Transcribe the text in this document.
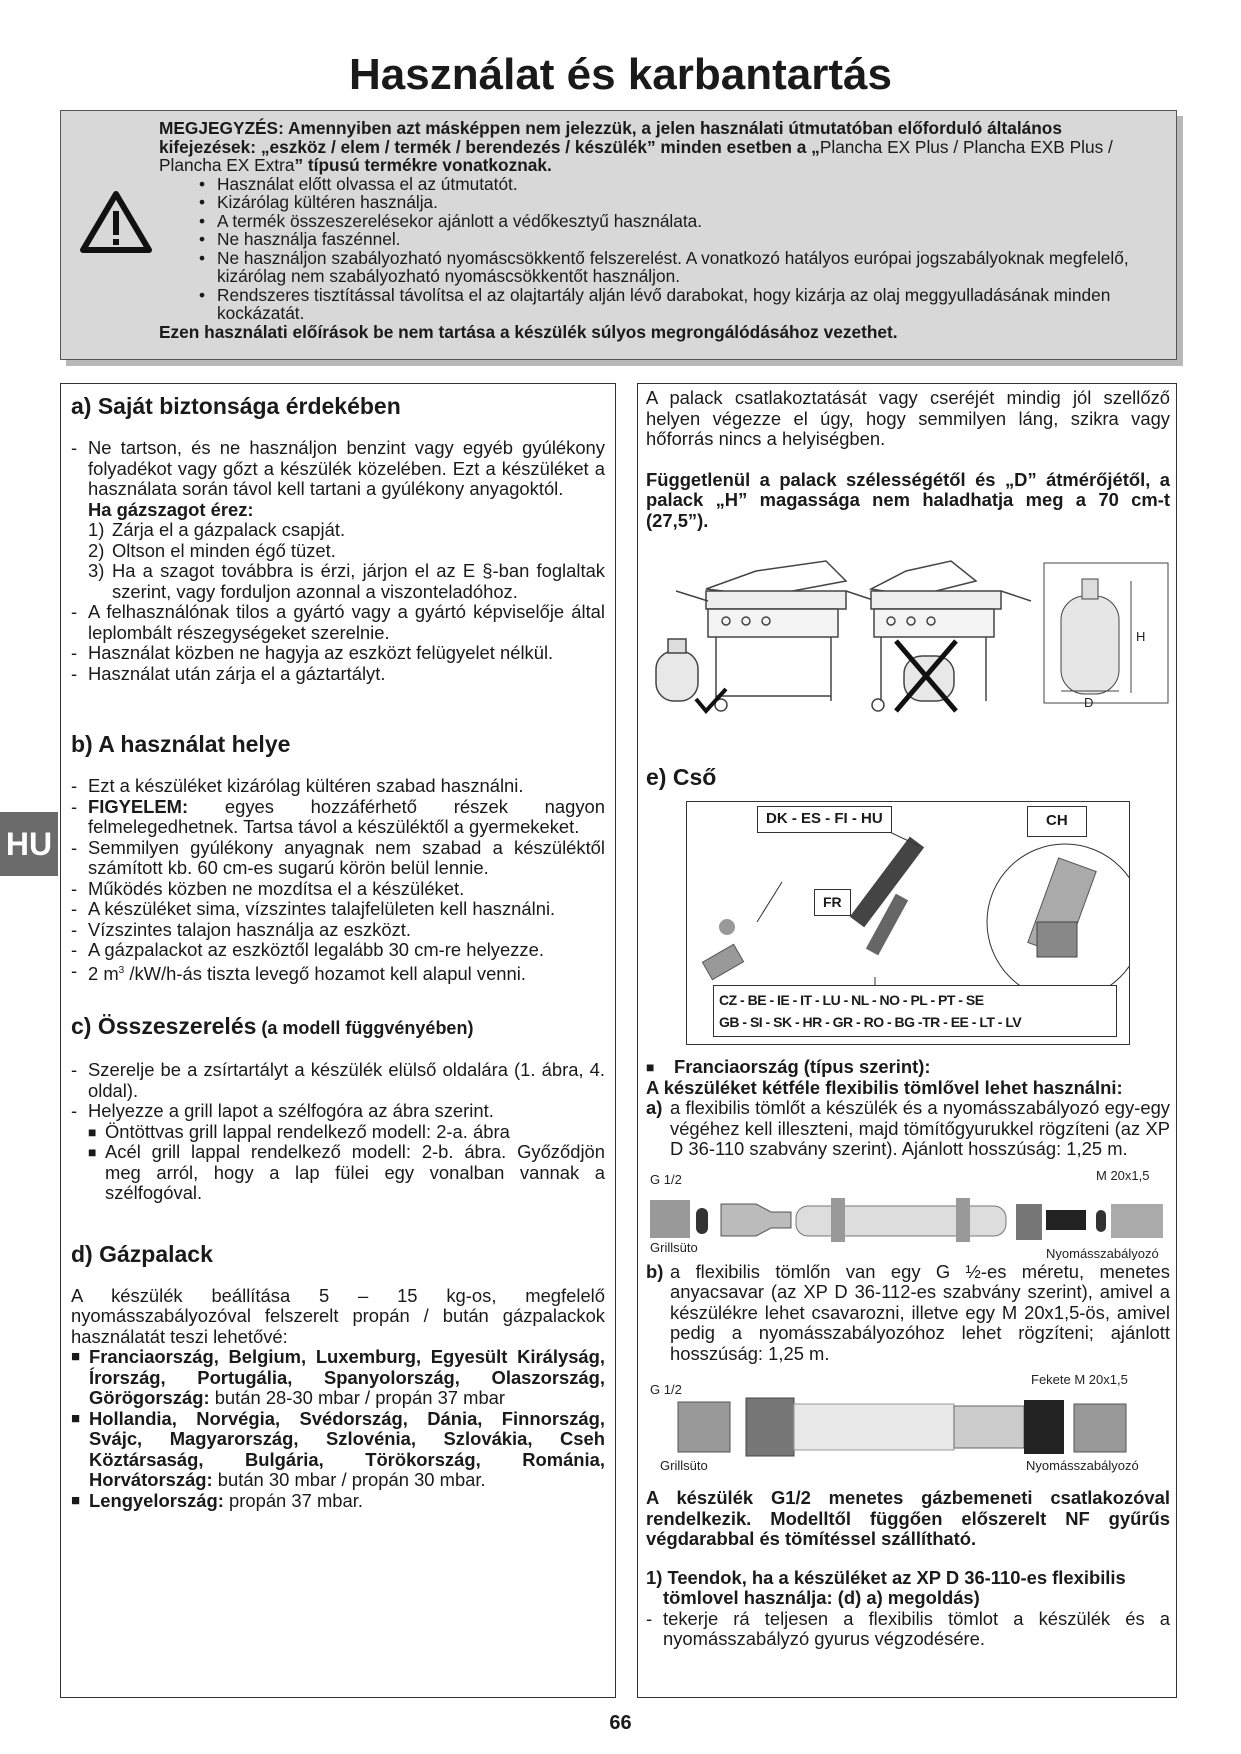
Használat és karbantartás

MEGJEGYZÉS: Amennyiben azt másképpen nem jelezzük, a jelen használati útmutatóban előforduló általános kifejezések: „eszköz / elem / termék / berendezés / készülék” minden esetben a „Plancha EX Plus / Plancha EXB Plus / Plancha EX Extra” típusú termékre vonatkoznak.

• Használat előtt olvassa el az útmutatót.
• Kizárólag kültéren használja.
• A termék összeszerelésekor ajánlott a védőkesztyű használata.
• Ne használja faszénnel.
• Ne használjon szabályozható nyomáscsökkentő felszerelést. A vonatkozó hatályos európai jogszabályoknak megfelelő, kizárólag nem szabályozható nyomáscsökkentőt használjon.
• Rendszeres tisztítással távolítsa el az olajtartály alján lévő darabokat, hogy kizárja az olaj meggyulladásának minden kockázatát.

Ezen használati előírások be nem tartása a készülék súlyos megrongálódásához vezethet.

HU
a) Saját biztonsága érdekében
- Ne tartson, és ne használjon benzint vagy egyéb gyúlékony folyadékot vagy gőzt a készülék közelében. Ezt a készüléket a használata során távol kell tartani a gyúlékony anyagoktól.
Ha gázszagot érez:
1) Zárja el a gázpalack csapját.
2) Oltson el minden égő tüzet.
3) Ha a szagot továbbra is érzi, járjon el az E §-ban foglaltak szerint, vagy forduljon azonnal a viszonteladóhoz.
- A felhasználónak tilos a gyártó vagy a gyártó képviselője által leplombált részegységeket szerelnie.
- Használat közben ne hagyja az eszközt felügyelet nélkül.
- Használat után zárja el a gáztartályt.
b) A használat helye
- Ezt a készüléket kizárólag kültéren szabad használni.
- FIGYELEM: egyes hozzáférhető részek nagyon felmelegedhetnek. Tartsa távol a készüléktől a gyermekeket.
- Semmilyen gyúlékony anyagnak nem szabad a készüléktől számított kb. 60 cm-es sugarú körön belül lennie.
- Működés közben ne mozdítsa el a készüléket.
- A készüléket sima, vízszintes talajfelületen kell használni.
- Vízszintes talajon használja az eszközt.
- A gázpalackot az eszköztől legalább 30 cm-re helyezze.
- 2 $m^3$ /kW/h-ás tiszta levegő hozamot kell alapul venni.
c) Összeszerelés (a modell függvényében)
- Szerelje be a zsírtartályt a készülék elülső oldalára (1. ábra, 4. oldal).
- Helyezze a grill lapot a szélfogóra az ábra szerint.
■ Öntöttvas grill lappal rendelkező modell: 2-a. ábra
■ Acél grill lappal rendelkező modell: 2-b. ábra. Győződjön meg arról, hogy a lap fülei egy vonalban vannak a szélfogóval.
d) Gázpalack

A készülék beállítása 5 – 15 kg-os, megfelelő nyomásszabályozóval felszerelt propán / bután gázpalackok használatát teszi lehetővé:

■ Franciaország, Belgium, Luxemburg, Egyesült Királyság, Írország, Portugália, Spanyolország, Olaszország, Görögország: bután 28-30 mbar / propán 37 mbar
■ Hollandia, Norvégia, Svédország, Dánia, Finnország, Svájc, Magyarország, Szlovénia, Szlovákia, Cseh Köztársaság, Bulgária, Törökország, Románia, Horvátország: bután 30 mbar / propán 30 mbar.
■ Lengyelország: propán 37 mbar.

A palack csatlakoztatását vagy cseréjét mindig jól szellőző helyen végezze el úgy, hogy semmilyen láng, szikra vagy hőforrás nincs a helyiségben.

Függetlenül a palack szélességétől és „D” átmérőjétől, a palack „H” magassága nem haladhatja meg a 70 cm-t (27,5”).

H
D
e) Cső
DK - ES - FI - HU	CH
FR
CZ - BE - IE - IT - LU - NL - NO - PL - PT - SE
GB - SI - SK - HR - GR - RO - BG -TR - EE - LT - LV
■ Franciaország (típus szerint):
A készüléket kétféle flexibilis tömlővel lehet használni:
a) a flexibilis tömlőt a készülék és a nyomásszabályozó egy-egy végéhez kell illeszteni, majd tömítőgyurukkel rögzíteni (az XP D 36-110 szabvány szerint). Ajánlott hosszúság: 1,25 m.
G 1/2	M 20x1,5
Grillsüto	Nyomásszabályozó
b) a flexibilis tömlőn van egy G ½-es méretu, menetes anyacsavar (az XP D 36-112-es szabvány szerint), amivel a készülékre lehet csavarozni, illetve egy M 20x1,5-ös, amivel pedig a nyomásszabályozóhoz lehet rögzíteni; ajánlott hosszúság: 1,25 m.
G 1/2
Fekete M 20x1,5
Grillsüto	Nyomásszabályozó

A készülék G1/2 menetes gázbemeneti csatlakozóval rendelkezik. Modelltől függően előszerelt NF gyűrűs végdarabbal és tömítéssel szállítható.

1) Teendok, ha a készüléket az XP D 36-110-es flexibilis tömlovel használja: (d) a) megoldás)

- tekerje rá teljesen a flexibilis tömlot a készülék és a nyomásszabályzó gyurus végzodésére.
66
